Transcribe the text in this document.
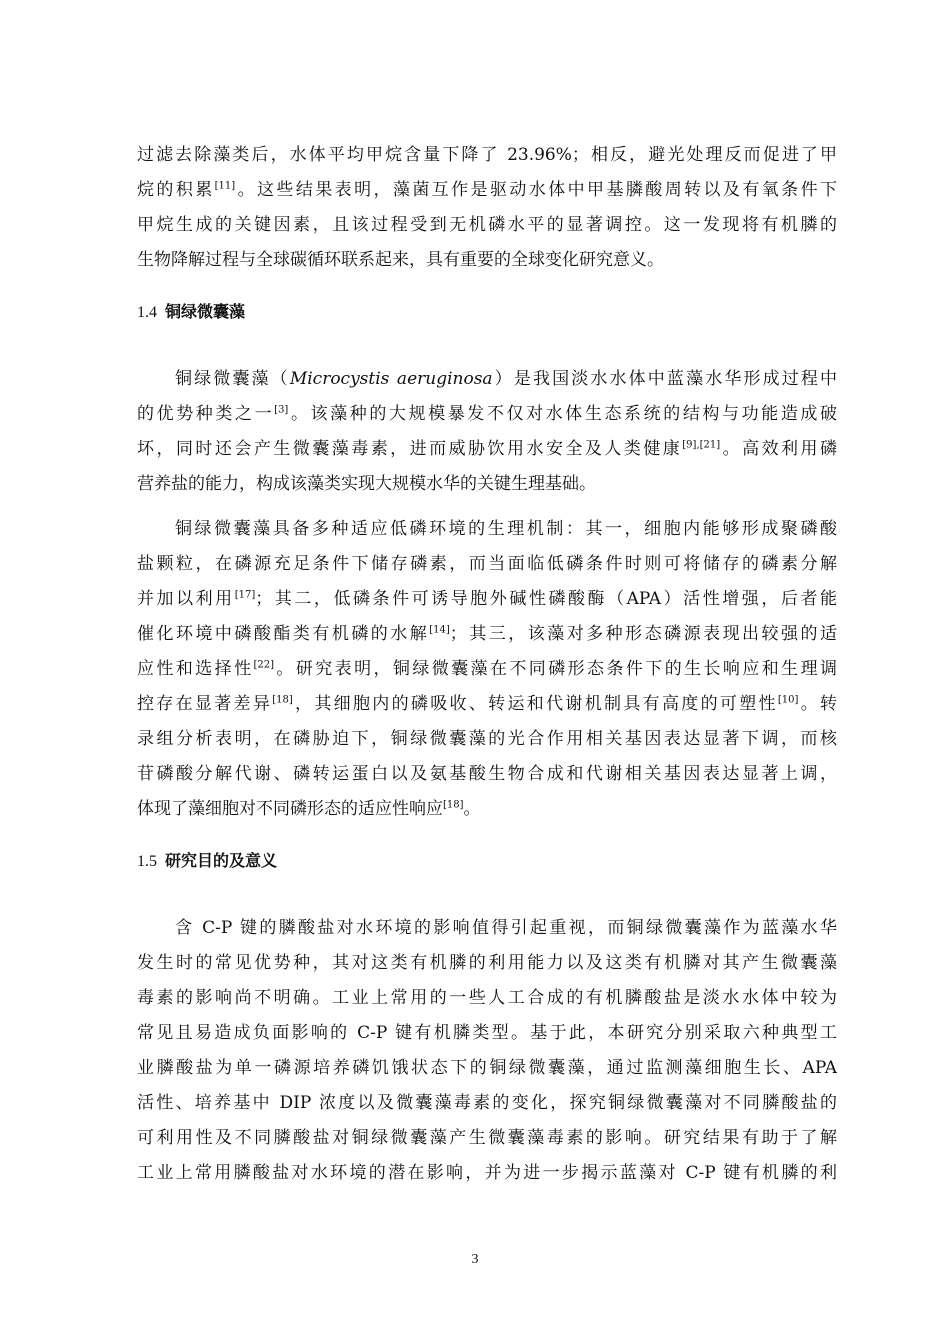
过滤去除藻类后，水体平均甲烷含量下降了 23.96%；相反，避光处理反而促进了甲
烷的积累[11]。这些结果表明，藻菌互作是驱动水体中甲基膦酸周转以及有氧条件下
甲烷生成的关键因素，且该过程受到无机磷水平的显著调控。这一发现将有机膦的
生物降解过程与全球碳循环联系起来，具有重要的全球变化研究意义。
1.4 铜绿微囊藻
铜绿微囊藻（Microcystis aeruginosa）是我国淡水水体中蓝藻水华形成过程中
的优势种类之一[3]。该藻种的大规模暴发不仅对水体生态系统的结构与功能造成破
坏，同时还会产生微囊藻毒素，进而威胁饮用水安全及人类健康[9],[21]。高效利用磷
营养盐的能力，构成该藻类实现大规模水华的关键生理基础。
铜绿微囊藻具备多种适应低磷环境的生理机制：其一，细胞内能够形成聚磷酸
盐颗粒，在磷源充足条件下储存磷素，而当面临低磷条件时则可将储存的磷素分解
并加以利用[17]；其二，低磷条件可诱导胞外碱性磷酸酶（APA）活性增强，后者能
催化环境中磷酸酯类有机磷的水解[14]；其三，该藻对多种形态磷源表现出较强的适
应性和选择性[22]。研究表明，铜绿微囊藻在不同磷形态条件下的生长响应和生理调
控存在显著差异[18]，其细胞内的磷吸收、转运和代谢机制具有高度的可塑性[10]。转
录组分析表明，在磷胁迫下，铜绿微囊藻的光合作用相关基因表达显著下调，而核
苷磷酸分解代谢、磷转运蛋白以及氨基酸生物合成和代谢相关基因表达显著上调，
体现了藻细胞对不同磷形态的适应性响应[18]。
1.5 研究目的及意义
含 C-P 键的膦酸盐对水环境的影响值得引起重视，而铜绿微囊藻作为蓝藻水华
发生时的常见优势种，其对这类有机膦的利用能力以及这类有机膦对其产生微囊藻
毒素的影响尚不明确。工业上常用的一些人工合成的有机膦酸盐是淡水水体中较为
常见且易造成负面影响的 C-P 键有机膦类型。基于此，本研究分别采取六种典型工
业膦酸盐为单一磷源培养磷饥饿状态下的铜绿微囊藻，通过监测藻细胞生长、APA
活性、培养基中 DIP 浓度以及微囊藻毒素的变化，探究铜绿微囊藻对不同膦酸盐的
可利用性及不同膦酸盐对铜绿微囊藻产生微囊藻毒素的影响。研究结果有助于了解
工业上常用膦酸盐对水环境的潜在影响，并为进一步揭示蓝藻对 C-P 键有机膦的利
3
